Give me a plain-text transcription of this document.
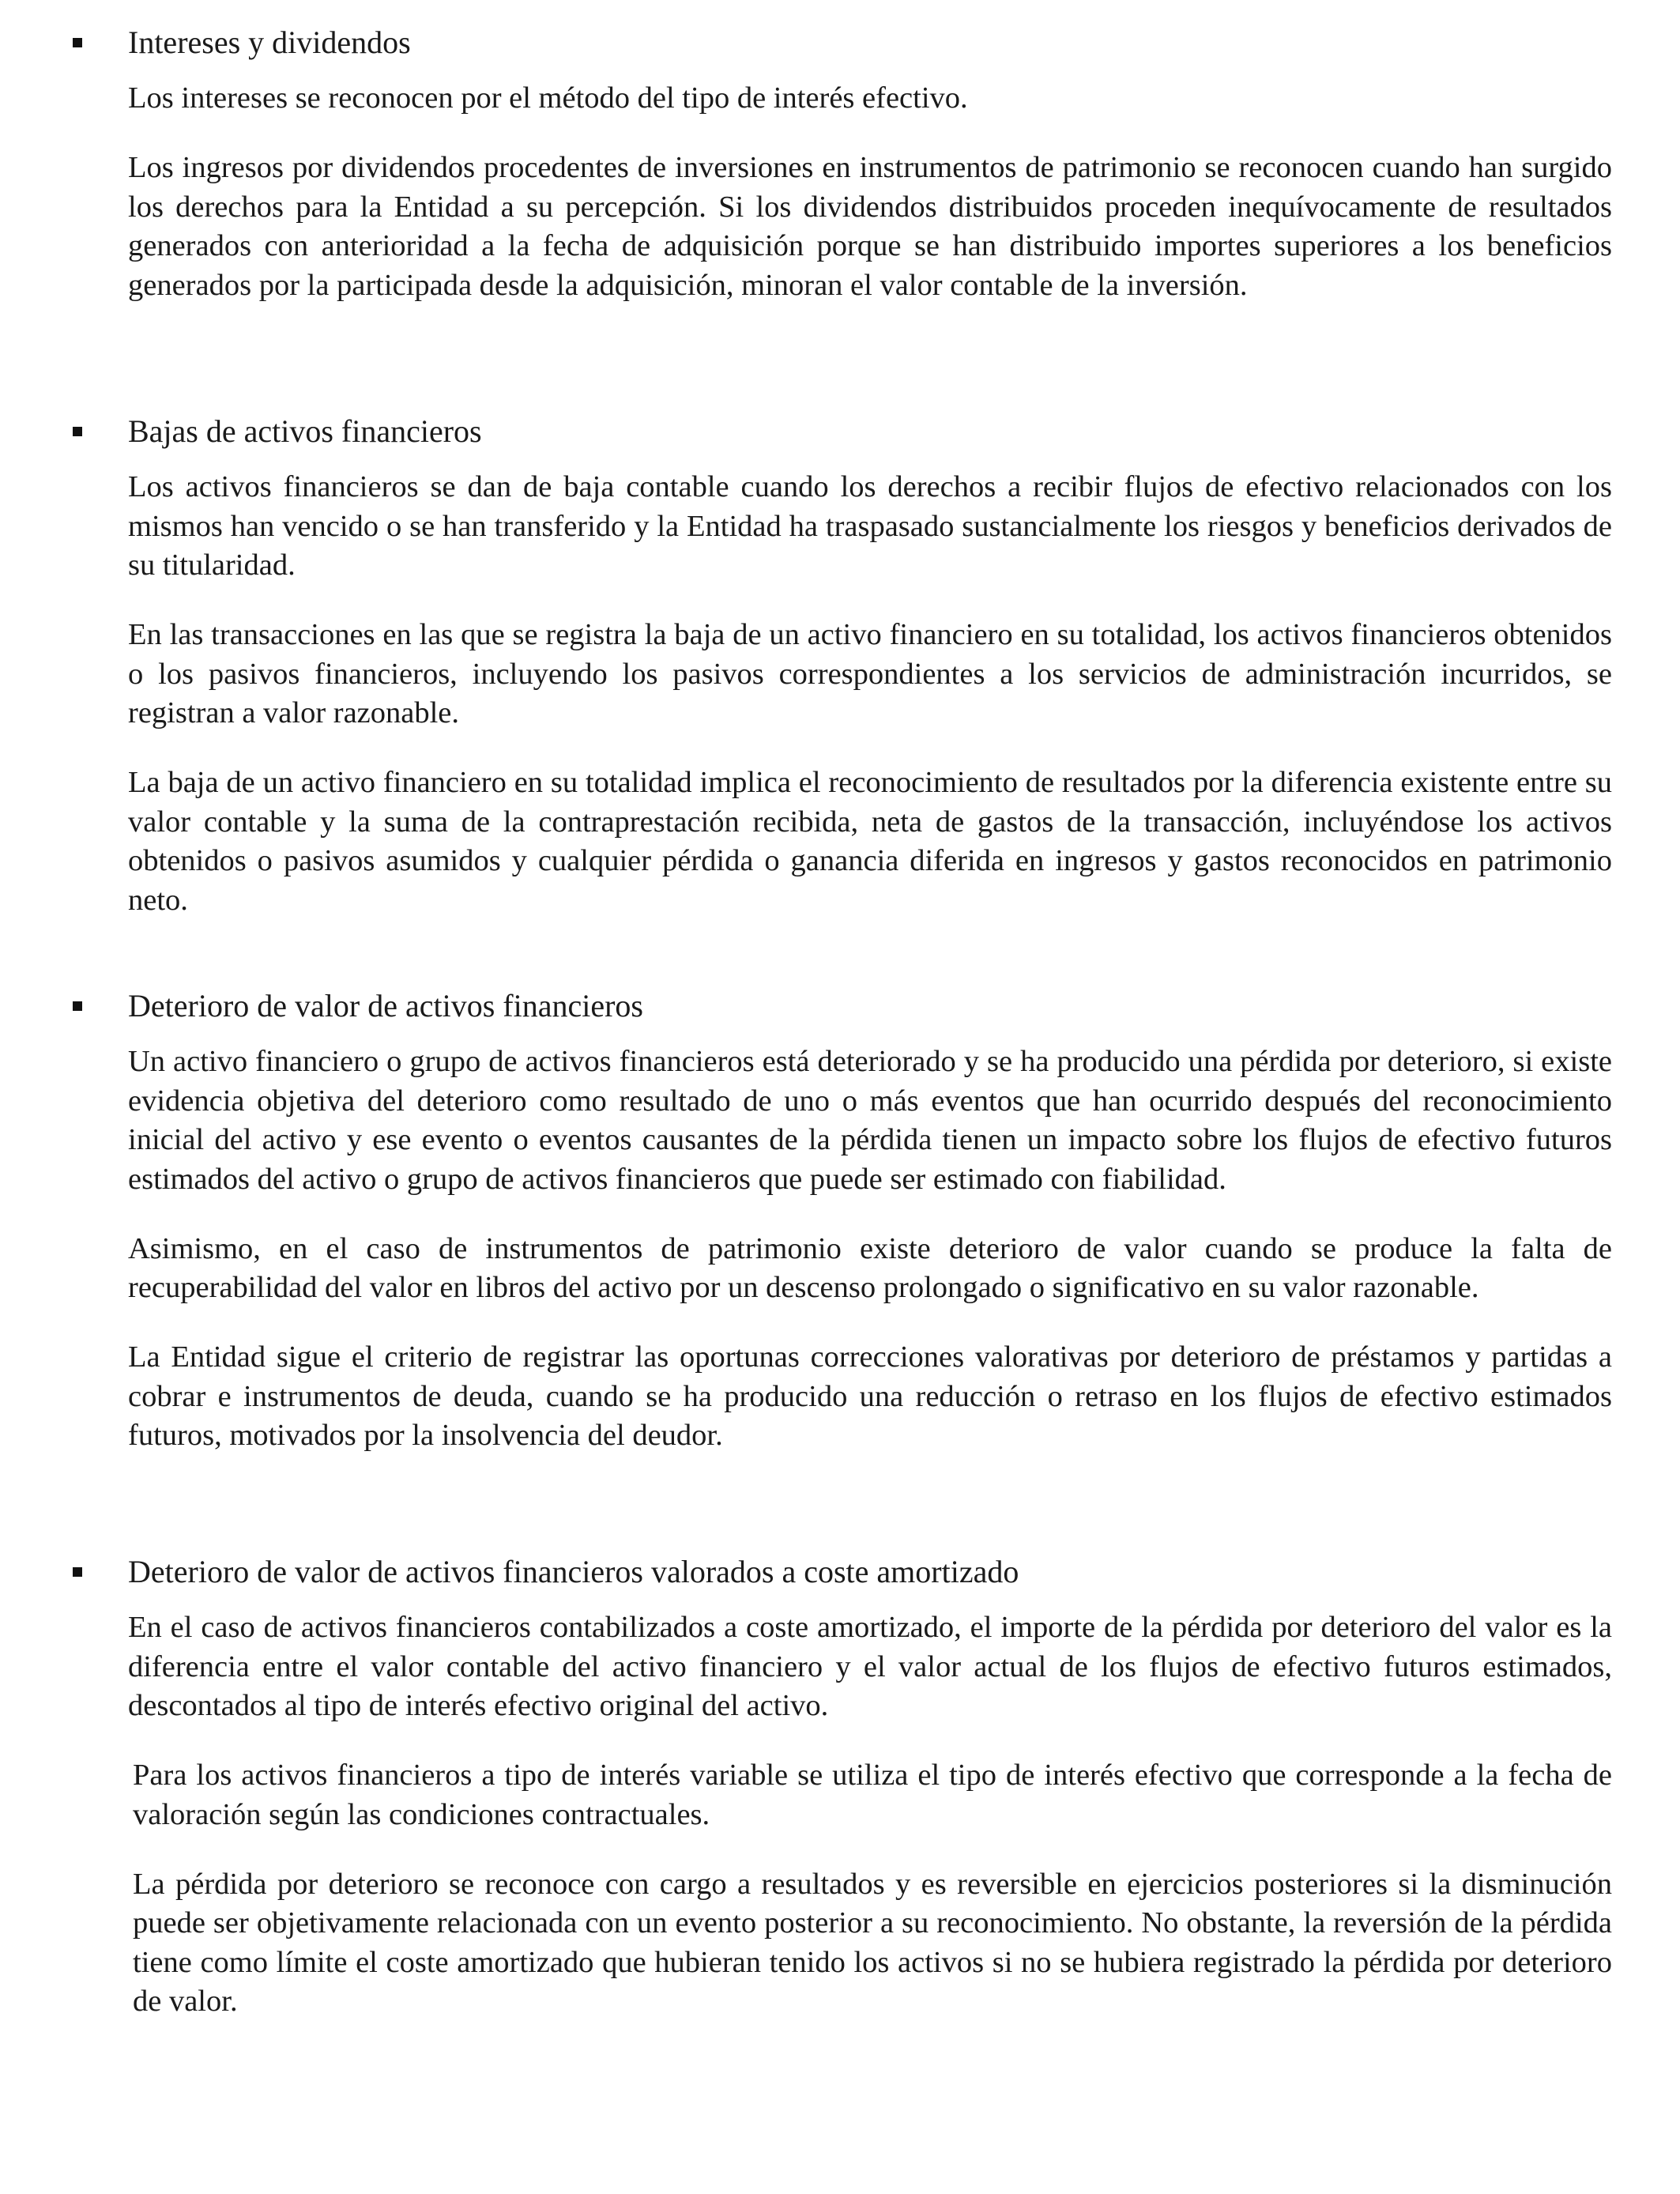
Intereses y dividendos

Los intereses se reconocen por el método del tipo de interés efectivo.

Los ingresos por dividendos procedentes de inversiones en instrumentos de patrimonio se reconocen cuando han surgido los derechos para la Entidad a su percepción. Si los dividendos distribuidos proceden inequívocamente de resultados generados con anterioridad a la fecha de adquisición porque se han distribuido importes superiores a los beneficios generados por la participada desde la adquisición, minoran el valor contable de la inversión.

Bajas de activos financieros

Los activos financieros se dan de baja contable cuando los derechos a recibir flujos de efectivo relacionados con los mismos han vencido o se han transferido y la Entidad ha traspasado sustancialmente los riesgos y beneficios derivados de su titularidad.

En las transacciones en las que se registra la baja de un activo financiero en su totalidad, los activos financieros obtenidos o los pasivos financieros, incluyendo los pasivos correspondientes a los servicios de administración incurridos, se registran a valor razonable.

La baja de un activo financiero en su totalidad implica el reconocimiento de resultados por la diferencia existente entre su valor contable y la suma de la contraprestación recibida, neta de gastos de la transacción, incluyéndose los activos obtenidos o pasivos asumidos y cualquier pérdida o ganancia diferida en ingresos y gastos reconocidos en patrimonio neto.

Deterioro de valor de activos financieros

Un activo financiero o grupo de activos financieros está deteriorado y se ha producido una pérdida por deterioro, si existe evidencia objetiva del deterioro como resultado de uno o más eventos que han ocurrido después del reconocimiento inicial del activo y ese evento o eventos causantes de la pérdida tienen un impacto sobre los flujos de efectivo futuros estimados del activo o grupo de activos financieros que puede ser estimado con fiabilidad.

Asimismo, en el caso de instrumentos de patrimonio existe deterioro de valor cuando se produce la falta de recuperabilidad del valor en libros del activo por un descenso prolongado o significativo en su valor razonable.

La Entidad sigue el criterio de registrar las oportunas correcciones valorativas por deterioro de préstamos y partidas a cobrar e instrumentos de deuda, cuando se ha producido una reducción o retraso en los flujos de efectivo estimados futuros, motivados por la insolvencia del deudor.

Deterioro de valor de activos financieros valorados a coste amortizado

En el caso de activos financieros contabilizados a coste amortizado, el importe de la pérdida por deterioro del valor es la diferencia entre el valor contable del activo financiero y el valor actual de los flujos de efectivo futuros estimados, descontados al tipo de interés efectivo original del activo.

Para los activos financieros a tipo de interés variable se utiliza el tipo de interés efectivo que corresponde a la fecha de valoración según las condiciones contractuales.

La pérdida por deterioro se reconoce con cargo a resultados y es reversible en ejercicios posteriores si la disminución puede ser objetivamente relacionada con un evento posterior a su reconocimiento. No obstante, la reversión de la pérdida tiene como límite el coste amortizado que hubieran tenido los activos si no se hubiera registrado la pérdida por deterioro de valor.
